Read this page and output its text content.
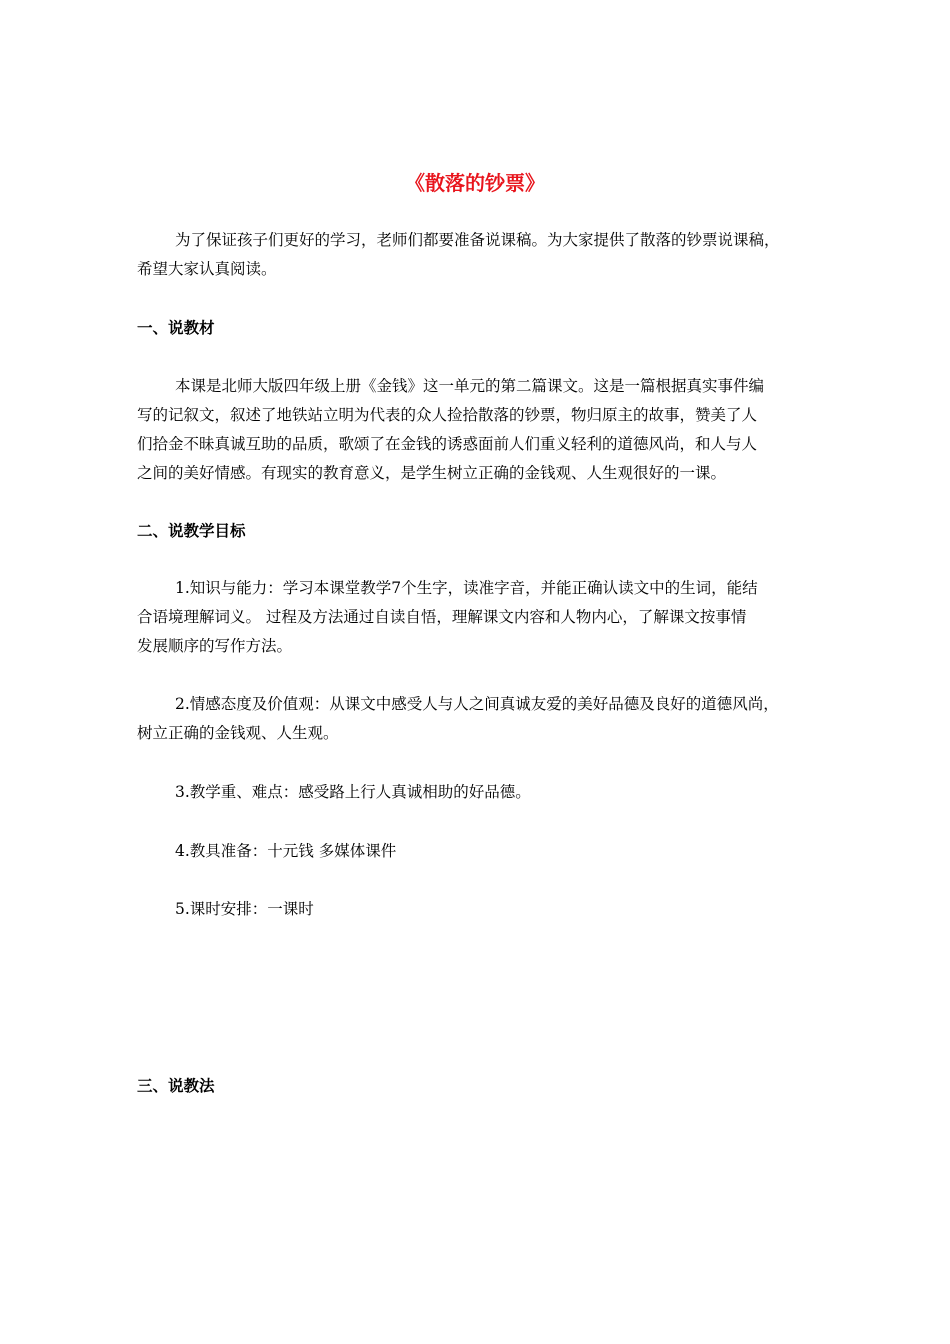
《散落的钞票》

为了保证孩子们更好的学习，老师们都要准备说课稿。为大家提供了散落的钞票说课稿，
希望大家认真阅读。

一、说教材

本课是北师大版四年级上册《金钱》这一单元的第二篇课文。这是一篇根据真实事件编
写的记叙文，叙述了地铁站立明为代表的众人捡拾散落的钞票，物归原主的故事，赞美了人
们拾金不昧真诚互助的品质，歌颂了在金钱的诱惑面前人们重义轻利的道德风尚，和人与人
之间的美好情感。有现实的教育意义，是学生树立正确的金钱观、人生观很好的一课。

二、说教学目标

1.知识与能力：学习本课堂教学7个生字，读准字音，并能正确认读文中的生词，能结
合语境理解词义。 过程及方法通过自读自悟，理解课文内容和人物内心，了解课文按事情
发展顺序的写作方法。

2.情感态度及价值观：从课文中感受人与人之间真诚友爱的美好品德及良好的道德风尚，
树立正确的金钱观、人生观。

3.教学重、难点：感受路上行人真诚相助的好品德。

4.教具准备：十元钱 多媒体课件

5.课时安排：一课时

三、说教法
